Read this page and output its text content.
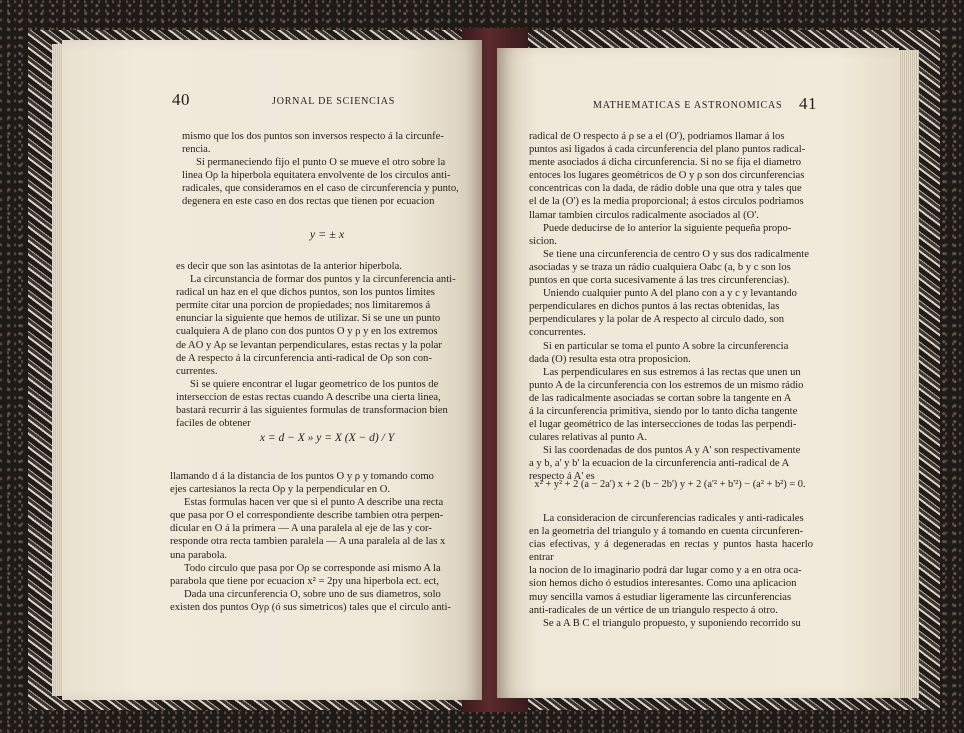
40	JORNAL DE SCIENCIAS

mismo que los dos puntos son inversos respecto á la circunfe-

rencia.

Si permaneciendo fijo el punto O se mueve el otro sobre la

linea Oρ la hiperbola equitatera envolvente de los circulos anti-

radicales, que consideramos en el caso de circunferencia y punto,

degenera en este caso en dos rectas que tienen por ecuacion

y = ± x

es decir que son las asintotas de la anterior hiperbola.

La circunstancia de formar dos puntos y la circunferencia anti-

radical un haz en el que dichos puntos, son los puntos limites

permite citar una porcion de propiedades; nos limitaremos á

enunciar la siguiente que hemos de utilizar. Si se une un punto

cualquiera A de plano con dos puntos O y ρ y en los extremos

de AO y Aρ se levantan perpendiculares, estas rectas y la polar

de A respecto á la circunferencia anti-radical de Oρ son con-

currentes.

Si se quiere encontrar el lugar geometrico de los puntos de

interseccion de estas rectas cuando A describe una cierta linea,

bastará recurrir á las siguientes formulas de transformacion bien

faciles de obtener

x = d − X » y = X (X − d) / Y

llamando d á la distancia de los puntos O y ρ y tomando como

ejes cartesianos la recta Oρ y la perpendicular en O.

Estas formulas hacen ver que si el punto A describe una recta

que pasa por O el correspondiente describe tambien otra perpen-

dicular en O á la primera — A una paralela al eje de las y cor-

responde otra recta tambien paralela — A una paralela al de las x

una parabola.

Todo circulo que pasa por Oρ se corresponde asi mismo A la

parabola que tiene por ecuacion x² = 2py una hiperbola ect. ect,

Dada una circunferencia O, sobre uno de sus diametros, solo

existen dos puntos Oyρ (ó sus simetricos) tales que el circulo anti-

MATHEMATICAS E ASTRONOMICAS 41

radical de O respecto á ρ se a el (O'), podriamos llamar á los

puntos asi ligados á cada circunferencia del plano puntos radical-

mente asociados á dicha circunferencia. Si no se fija el diametro

entoces los lugares geométricos de O y ρ son dos circunferencias

concentricas con la dada, de rádio doble una que otra y tales que

el de la (O') es la media proporcional; á estos circulos podriamos

llamar tambien circulos radicalmente asociados al (O'.

Puede deducirse de lo anterior la siguiente pequeña propo-

sicion.

Se tiene una circunferencia de centro O y sus dos radicalmente

asociadas y se traza un rádio cualquiera Oabc (a, b y c son los

puntos en que corta sucesivamente á las tres circunferencias).

Uniendo cualquier punto A del plano con a y c y levantando

perpendiculares en dichos puntos á las rectas obtenidas, las

perpendiculares y la polar de A respecto al circulo dado, son

concurrentes.

Si en particular se toma el punto A sobre la circunferencia

dada (O) resulta esta otra proposicion.

Las perpendiculares en sus estremos á las rectas que unen un

punto A de la circunferencia con los estremos de un mismo rádio

de las radicalmente asociadas se cortan sobre la tangente en A

á la circunferencia primitiva, siendo por lo tanto dicha tangente

el lugar geométrico de las intersecciones de todas las perpendi-

culares relativas al punto A.

Si las coordenadas de dos puntos A y A' son respectivamente

a y b, a' y b' la ecuacion de la circunferencia anti-radical de A

respecto á A' es

x² + y² + 2 (a − 2a') x + 2 (b − 2b') y + 2 (a'² + b'²) − (a² + b²) = 0.

La consideracion de circunferencias radicales y anti-radicales

en la geometria del triangulo y á tomando en cuenta circunferen-

cias efectivas, y á degeneradas en rectas y puntos hasta hacerlo entrar

la nocion de lo imaginario podrá dar lugar como y a en otra oca-

sion hemos dicho ó estudios interesantes. Como una aplicacion

muy sencilla vamos á estudiar ligeramente las circunferencias

anti-radicales de un vértice de un triangulo respecto á otro.

Se a A B C el triangulo propuesto, y suponiendo recorrido su
